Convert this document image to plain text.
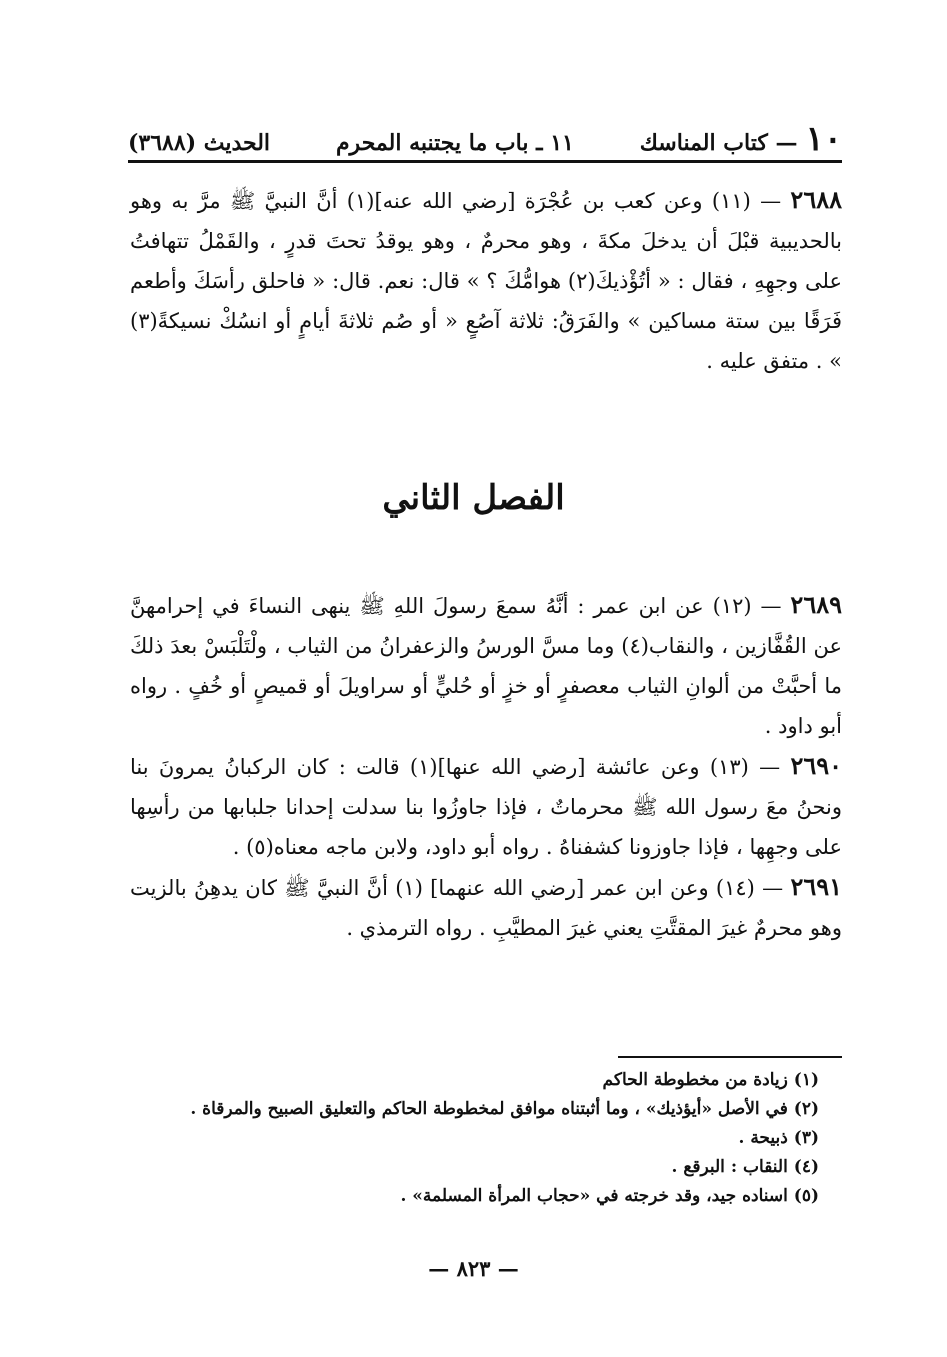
١٠
— كتاب المناسك
١١ ـ باب ما يجتنبه المحرم
الحديث (٣٦٨٨)

٢٦٨٨ — (١١) وعن كعب بن عُجْرَة [رضي الله عنه](١) أنَّ النبيَّ ﷺ مرَّ به وهو بالحديبية قبْلَ أن يدخلَ مكةَ ، وهو محرمٌ ، وهو يوقدُ تحتَ قدرٍ ، والقَمْلُ تتهافتُ على وجهِهِ ، فقال : « أتُؤْذيكَ(٢) هوامُّكَ ؟ » قال: نعم. قال: « فاحلق رأسَكَ وأطعم فَرَقًا بين ستة مساكين » والفَرَقُ: ثلاثة آصُعٍ « أو صُم ثلاثةَ أيامٍ أو انسُكْ نسيكةً(٣) » . متفق عليه .

الفصل الثاني

٢٦٨٩ — (١٢) عن ابن عمر : أنَّهُ سمعَ رسولَ اللهِ ﷺ ينهى النساءَ في إحرامهنَّ عن القُفَّازين ، والنقاب(٤) وما مسَّ الورسُ والزعفرانُ من الثياب ، ولْتَلْبَسْ بعدَ ذلكَ ما أحبَّتْ من ألوانِ الثياب معصفرٍ أو خزٍ أو حُليٍّ أو سراويلَ أو قميصٍ أو خُفٍ . رواه أبو داود .

٢٦٩٠ — (١٣) وعن عائشة [رضي الله عنها](١) قالت : كان الركبانُ يمرونَ بنا ونحنُ معَ رسول الله ﷺ محرماتٌ ، فإذا جاوزُوا بنا سدلت إحدانا جلبابها من رأسِها على وجهِها ، فإذا جاوزونا كشفناهُ . رواه أبو داود، ولابن ماجه معناه(٥) .

٢٦٩١ — (١٤) وعن ابن عمر [رضي الله عنهما] (١) أنَّ النبيَّ ﷺ كان يدهِنُ بالزيت وهو محرمٌ غيرَ المقتَّتِ يعني غيرَ المطيَّبِ . رواه الترمذي .

(١) زيادة من مخطوطة الحاكم
(٢) في الأصل «أيؤذيك» ، وما أثبتناه موافق لمخطوطة الحاكم والتعليق الصبيح والمرقاة .
(٣) ذبيحة .
(٤) النقاب : البرقع .
(٥) اسناده جيد، وقد خرجته في «حجاب المرأة المسلمة» .
— ٨٢٣ —
